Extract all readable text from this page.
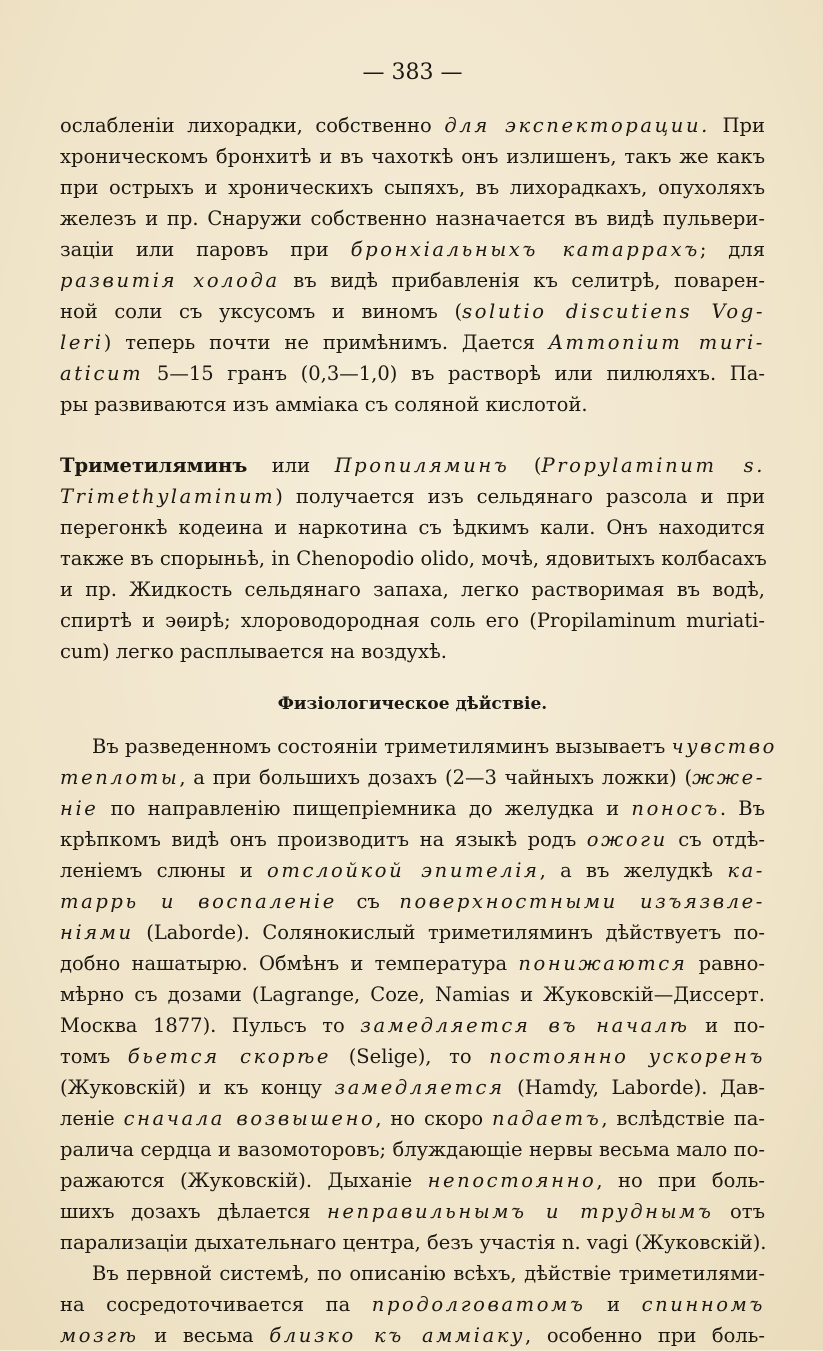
— 383 —
ослабленіи лихорадки, собственно для экспекторации. При
хроническомъ бронхитѣ и въ чахоткѣ онъ излишенъ, такъ же какъ
при острыхъ и хроническихъ сыпяхъ, въ лихорадкахъ, опухоляхъ
железъ и пр. Снаружи собственно назначается въ видѣ пульвери-
заціи или паровъ при бронхіальныхъ катаррахъ; для
развитія холода въ видѣ прибавленія къ селитрѣ, поварен-
ной соли съ уксусомъ и виномъ (solutio discutiens Vog-
leri) теперь почти не примѣнимъ. Дается Ammonium muri-
aticum 5—15 гранъ (0,3—1,0) въ растворѣ или пилюляхъ. Па-
ры развиваются изъ амміака съ соляной кислотой.
Триметиляминъ или Пропиляминъ (Propylaminum s.
Trimethylaminum) получается изъ сельдянаго разсола и при
перегонкѣ кодеина и наркотина съ ѣдкимъ кали. Онъ находится
также въ спорыньѣ, in Chenopodio olido, мочѣ, ядовитыхъ колбасахъ
и пр. Жидкость сельдянаго запаха, легко растворимая въ водѣ,
спиртѣ и эѳирѣ; хлороводородная соль его (Propilaminum muriati-
cum) легко расплывается на воздухѣ.
Физіологическое дѣйствіе.
Въ разведенномъ состояніи триметиляминъ вызываетъ чувство
теплоты, а при большихъ дозахъ (2—3 чайныхъ ложки) (жже-
ніе по направленію пищепріемника до желудка и поносъ. Въ
крѣпкомъ видѣ онъ производитъ на языкѣ родъ ожоги съ отдѣ-
леніемъ слюны и отслойкой эпителія, а въ желудкѣ ка-
таррь и воспаленіе съ поверхностными изъязвле-
ніями (Laborde). Солянокислый триметиляминъ дѣйствуетъ по-
добно нашатырю. Обмѣнъ и температура понижаются равно-
мѣрно съ дозами (Lagrange, Coze, Namias и Жуковскій—Диссерт.
Москва 1877). Пульсъ то замедляется въ началѣ и по-
томъ бьется скорѣе (Selige), то постоянно ускоренъ
(Жуковскій) и къ концу замедляется (Hamdy, Laborde). Дав-
леніе сначала возвышено, но скоро падаетъ, вслѣдствіе па-
ралича сердца и вазомоторовъ; блуждающіе нервы весьма мало по-
ражаются (Жуковскій). Дыханіе непостоянно, но при боль-
шихъ дозахъ дѣлается неправильнымъ и труднымъ отъ
парализаціи дыхательнаго центра, безъ участія n. vagi (Жуковскій).
Въ первной системѣ, по описанію всѣхъ, дѣйствіе триметилями-
на сосредоточивается па продолговатомъ и спинномъ
мозгѣ и весьма близко къ амміаку, особенно при боль-
